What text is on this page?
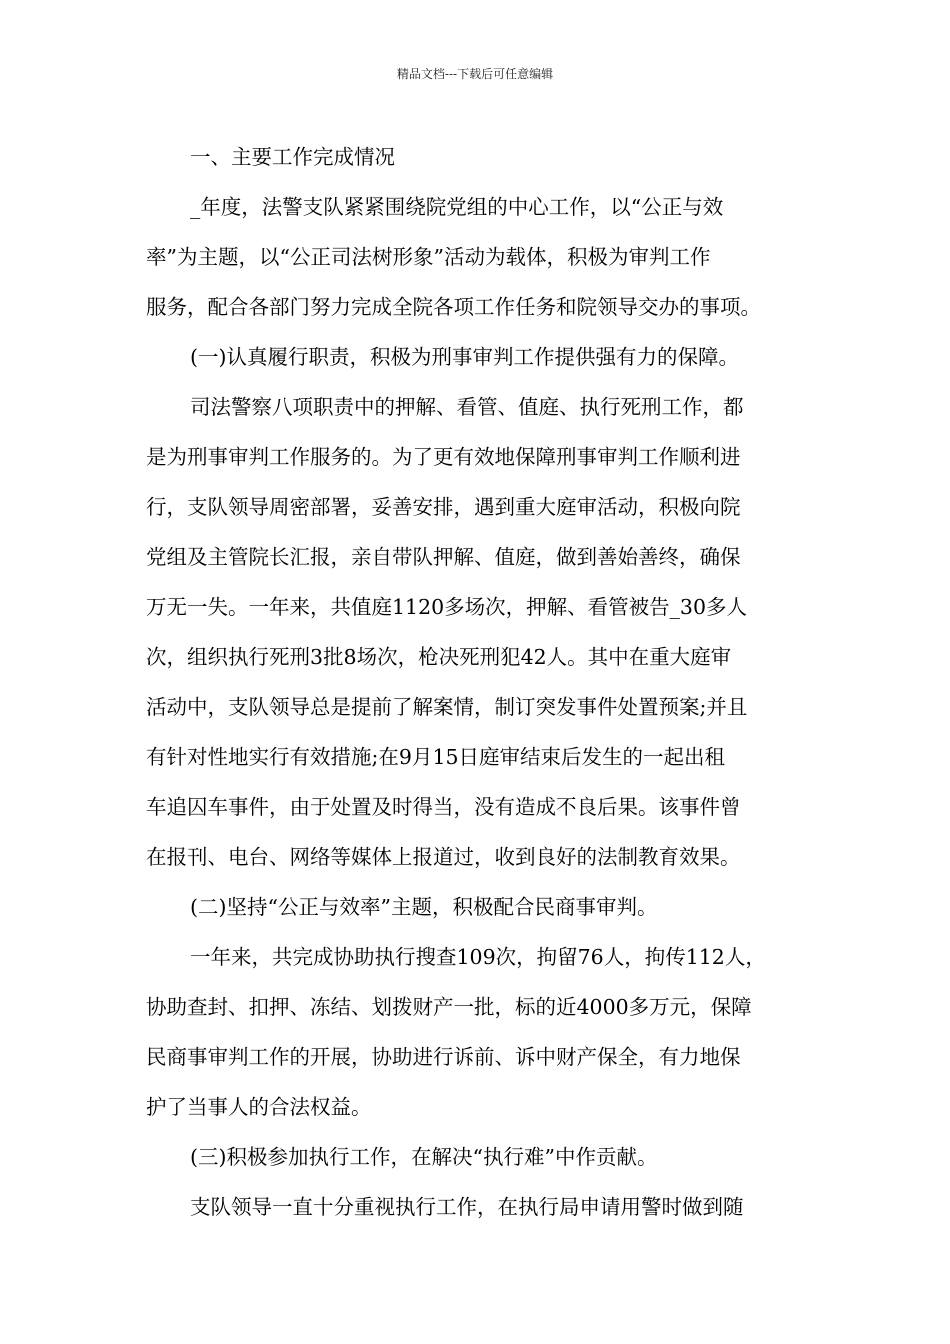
精品文档---下载后可任意编辑
一、主要工作完成情况
_年度，法警支队紧紧围绕院党组的中心工作，以“公正与效
率”为主题，以“公正司法树形象”活动为载体，积极为审判工作
服务，配合各部门努力完成全院各项工作任务和院领导交办的事项。
(一)认真履行职责，积极为刑事审判工作提供强有力的保障。
司法警察八项职责中的押解、看管、值庭、执行死刑工作，都
是为刑事审判工作服务的。为了更有效地保障刑事审判工作顺利进
行，支队领导周密部署，妥善安排，遇到重大庭审活动，积极向院
党组及主管院长汇报，亲自带队押解、值庭，做到善始善终，确保
万无一失。一年来，共值庭1120多场次，押解、看管被告_30多人
次，组织执行死刑3批8场次，枪决死刑犯42人。其中在重大庭审
活动中，支队领导总是提前了解案情，制订突发事件处置预案;并且
有针对性地实行有效措施;在9月15日庭审结束后发生的一起出租
车追囚车事件，由于处置及时得当，没有造成不良后果。该事件曾
在报刊、电台、网络等媒体上报道过，收到良好的法制教育效果。
(二)坚持“公正与效率”主题，积极配合民商事审判。
一年来，共完成协助执行搜查109次，拘留76人，拘传112人，
协助查封、扣押、冻结、划拨财产一批，标的近4000多万元，保障
民商事审判工作的开展，协助进行诉前、诉中财产保全，有力地保
护了当事人的合法权益。
(三)积极参加执行工作，在解决“执行难”中作贡献。
支队领导一直十分重视执行工作，在执行局申请用警时做到随
